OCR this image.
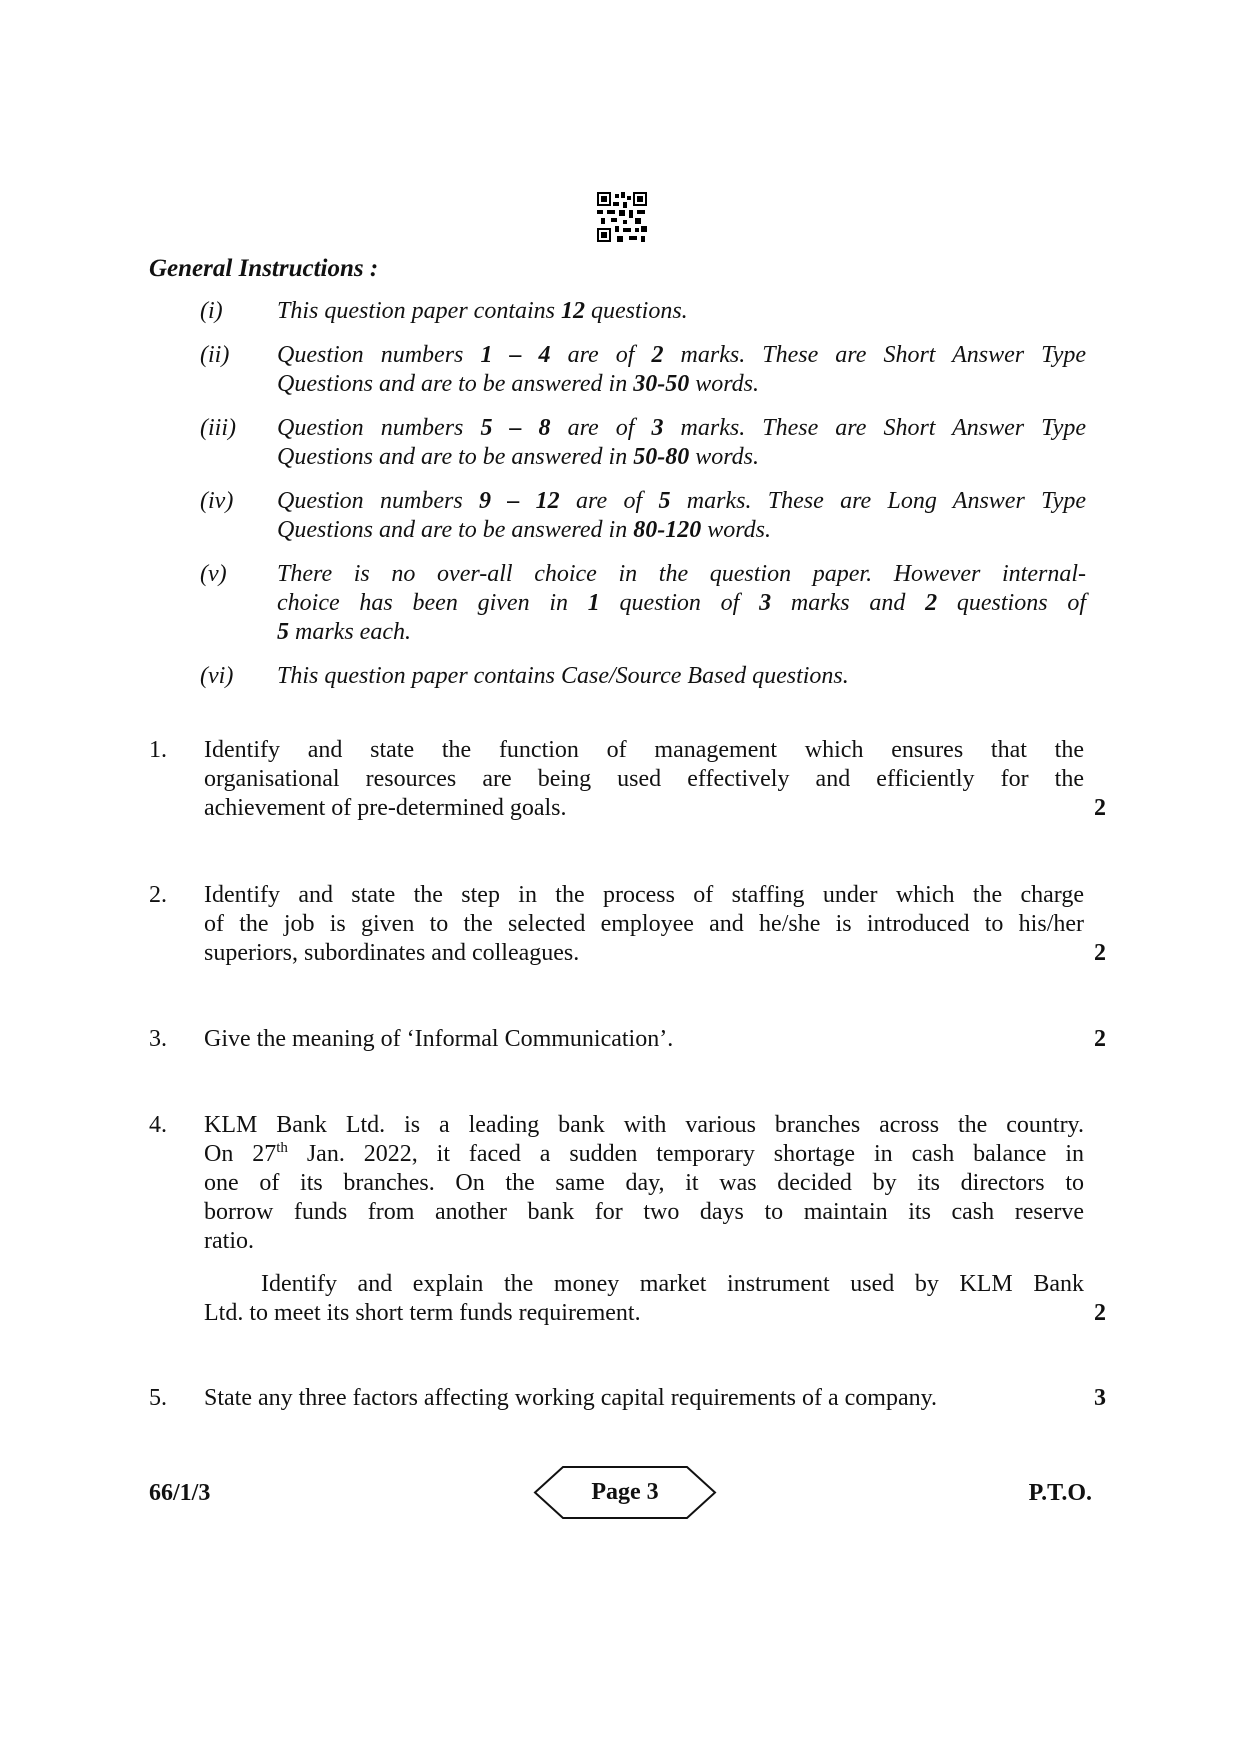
General Instructions :
(i) This question paper contains 12 questions.
(ii) Question numbers 1 – 4 are of 2 marks. These are Short Answer Type
Questions and are to be answered in 30-50 words.
(iii) Question numbers 5 – 8 are of 3 marks. These are Short Answer Type
Questions and are to be answered in 50-80 words.
(iv) Question numbers 9 – 12 are of 5 marks. These are Long Answer Type
Questions and are to be answered in 80-120 words.
(v) There is no over-all choice in the question paper. However internal-
choice has been given in 1 question of 3 marks and 2 questions of
5 marks each.
(vi) This question paper contains Case/Source Based questions.
1. Identify and state the function of management which ensures that the
organisational resources are being used effectively and efficiently for the
achievement of pre-determined goals.	2
2. Identify and state the step in the process of staffing under which the charge
of the job is given to the selected employee and he/she is introduced to his/her
superiors, subordinates and colleagues.	2
3. Give the meaning of ‘Informal Communication’.	2
4. KLM Bank Ltd. is a leading bank with various branches across the country.
On 27th Jan. 2022, it faced a sudden temporary shortage in cash balance in
one of its branches. On the same day, it was decided by its directors to
borrow funds from another bank for two days to maintain its cash reserve
ratio.
Identify and explain the money market instrument used by KLM Bank
Ltd. to meet its short term funds requirement.	2
5. State any three factors affecting working capital requirements of a company.	3
66/1/3	Page 3	P.T.O.
